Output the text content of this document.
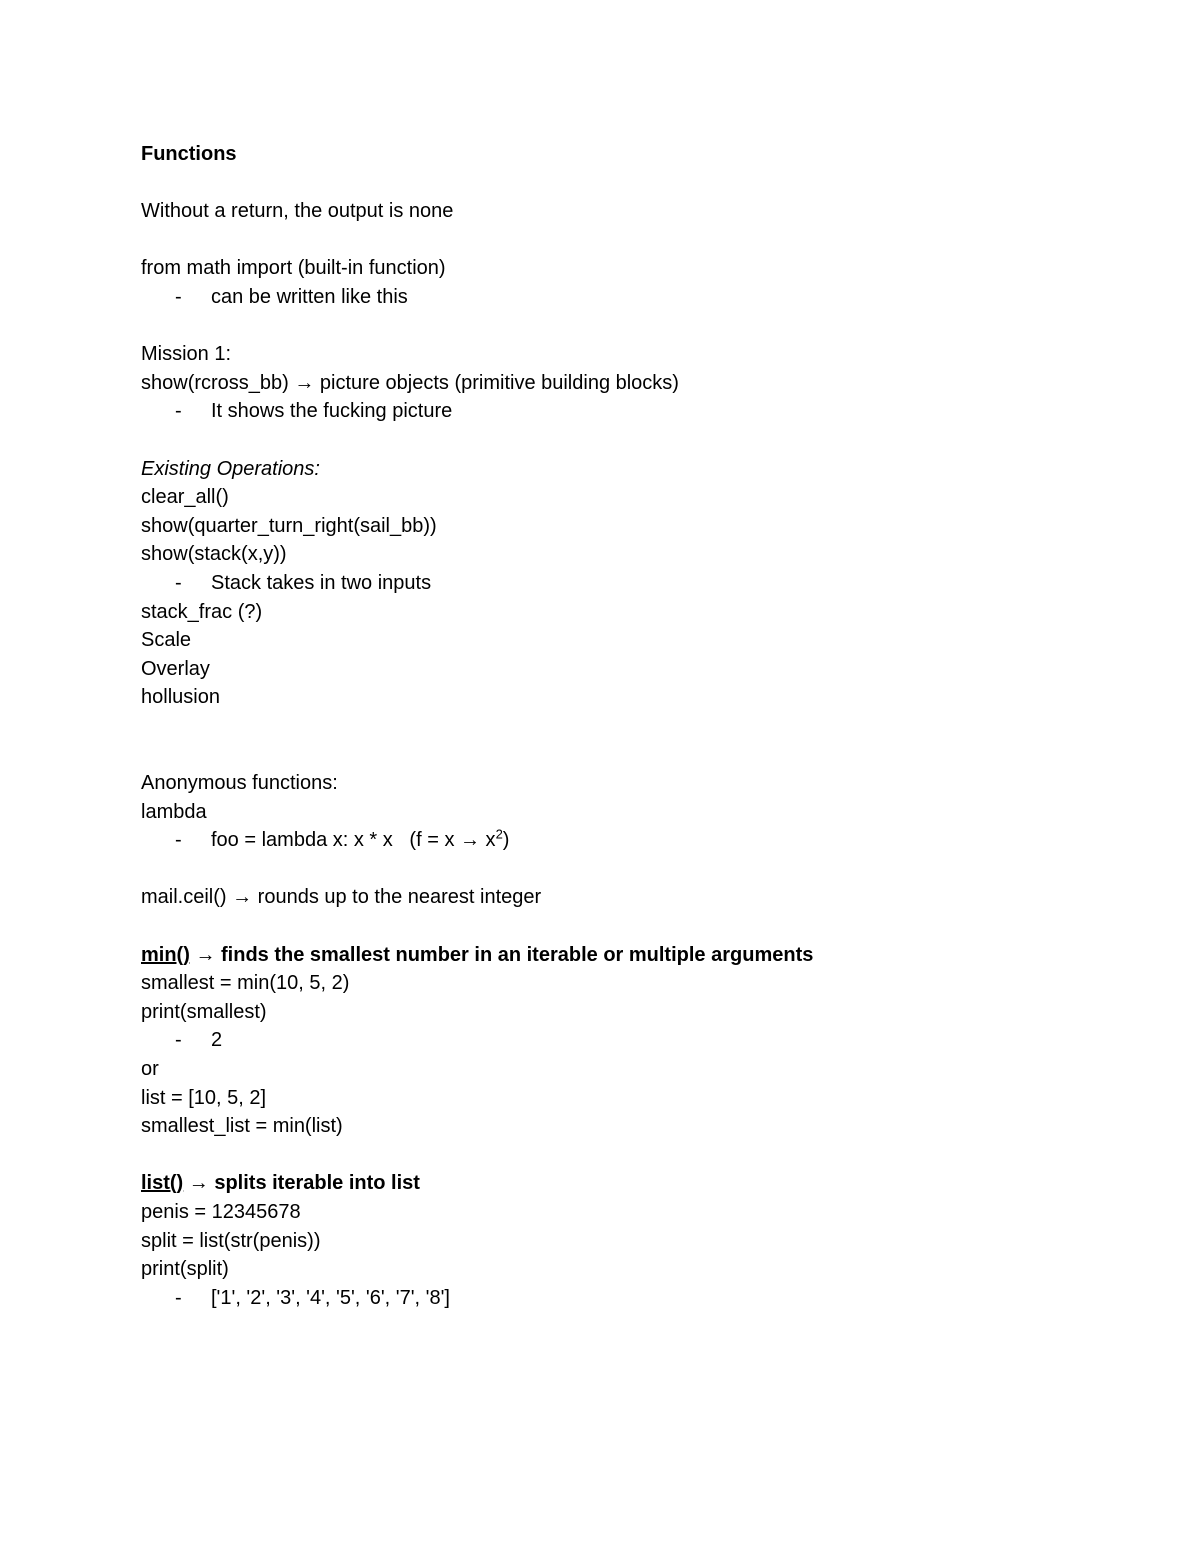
Functions
Without a return, the output is none
from math import (built-in function)
- can be written like this
Mission 1:
show(rcross_bb) → picture objects (primitive building blocks)
- It shows the fucking picture
Existing Operations:
clear_all()
show(quarter_turn_right(sail_bb))
show(stack(x,y))
- Stack takes in two inputs
stack_frac (?)
Scale
Overlay
hollusion
Anonymous functions:
lambda
- foo = lambda x: x * x   $(f = x \to x^2)$
mail.ceil() → rounds up to the nearest integer
min() → finds the smallest number in an iterable or multiple arguments
smallest = min(10, 5, 2)
print(smallest)
- 2
or
list = [10, 5, 2]
smallest_list = min(list)
list() → splits iterable into list
penis = 12345678
split = list(str(penis))
print(split)
- ['1', '2', '3', '4', '5', '6', '7', '8']
